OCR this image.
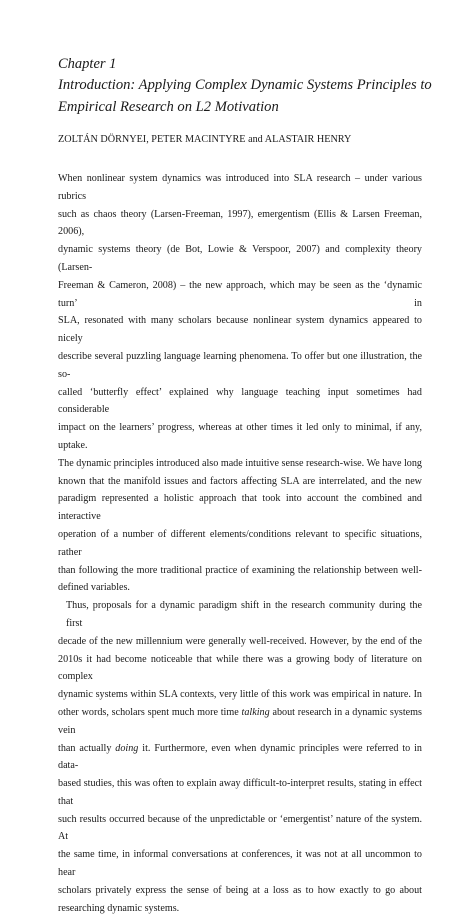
Chapter 1
Introduction: Applying Complex Dynamic Systems Principles to
Empirical Research on L2 Motivation
ZOLTÁN DÖRNYEI, PETER MACINTYRE and ALASTAIR HENRY
When nonlinear system dynamics was introduced into SLA research – under various rubrics
such as chaos theory (Larsen-Freeman, 1997), emergentism (Ellis & Larsen Freeman, 2006),
dynamic systems theory (de Bot, Lowie & Verspoor, 2007) and complexity theory (Larsen-
Freeman & Cameron, 2008) – the new approach, which may be seen as the ‘dynamic turn’ in
SLA, resonated with many scholars because nonlinear system dynamics appeared to nicely
describe several puzzling language learning phenomena. To offer but one illustration, the so-
called ‘butterfly effect’ explained why language teaching input sometimes had considerable
impact on the learners’ progress, whereas at other times it led only to minimal, if any, uptake.
The dynamic principles introduced also made intuitive sense research-wise. We have long
known that the manifold issues and factors affecting SLA are interrelated, and the new
paradigm represented a holistic approach that took into account the combined and interactive
operation of a number of different elements/conditions relevant to specific situations, rather
than following the more traditional practice of examining the relationship between well-
defined variables.
Thus, proposals for a dynamic paradigm shift in the research community during the first
decade of the new millennium were generally well-received. However, by the end of the
2010s it had become noticeable that while there was a growing body of literature on complex
dynamic systems within SLA contexts, very little of this work was empirical in nature. In
other words, scholars spent much more time talking about research in a dynamic systems vein
than actually doing it. Furthermore, even when dynamic principles were referred to in data-
based studies, this was often to explain away difficult-to-interpret results, stating in effect that
such results occurred because of the unpredictable or ‘emergentist’ nature of the system. At
the same time, in informal conversations at conferences, it was not at all uncommon to hear
scholars privately express the sense of being at a loss as to how exactly to go about
researching dynamic systems.
